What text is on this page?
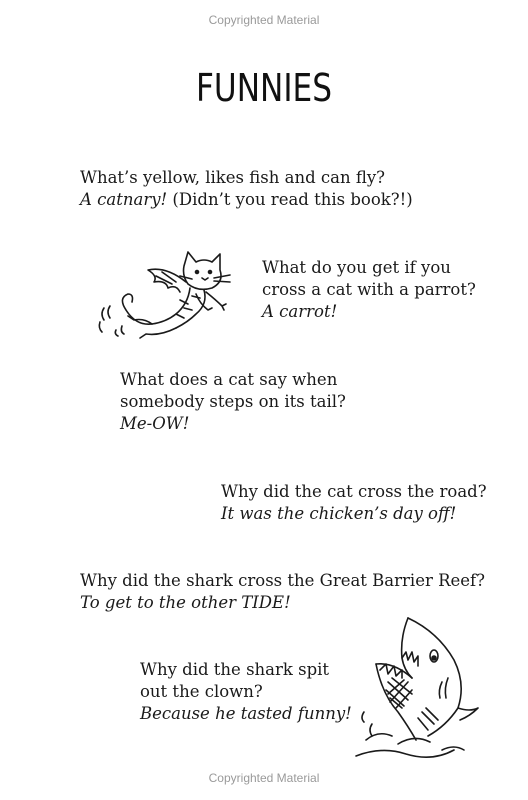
Copyrighted Material
FUNNIES
What’s yellow, likes fish and can fly?
A catnary! (Didn’t you read this book?!)
What do you get if you
cross a cat with a parrot?
A carrot!
What does a cat say when
somebody steps on its tail?
Me-OW!
Why did the cat cross the road?
It was the chicken’s day off!
Why did the shark cross the Great Barrier Reef?
To get to the other TIDE!
Why did the shark spit
out the clown?
Because he tasted funny!
Copyrighted Material
